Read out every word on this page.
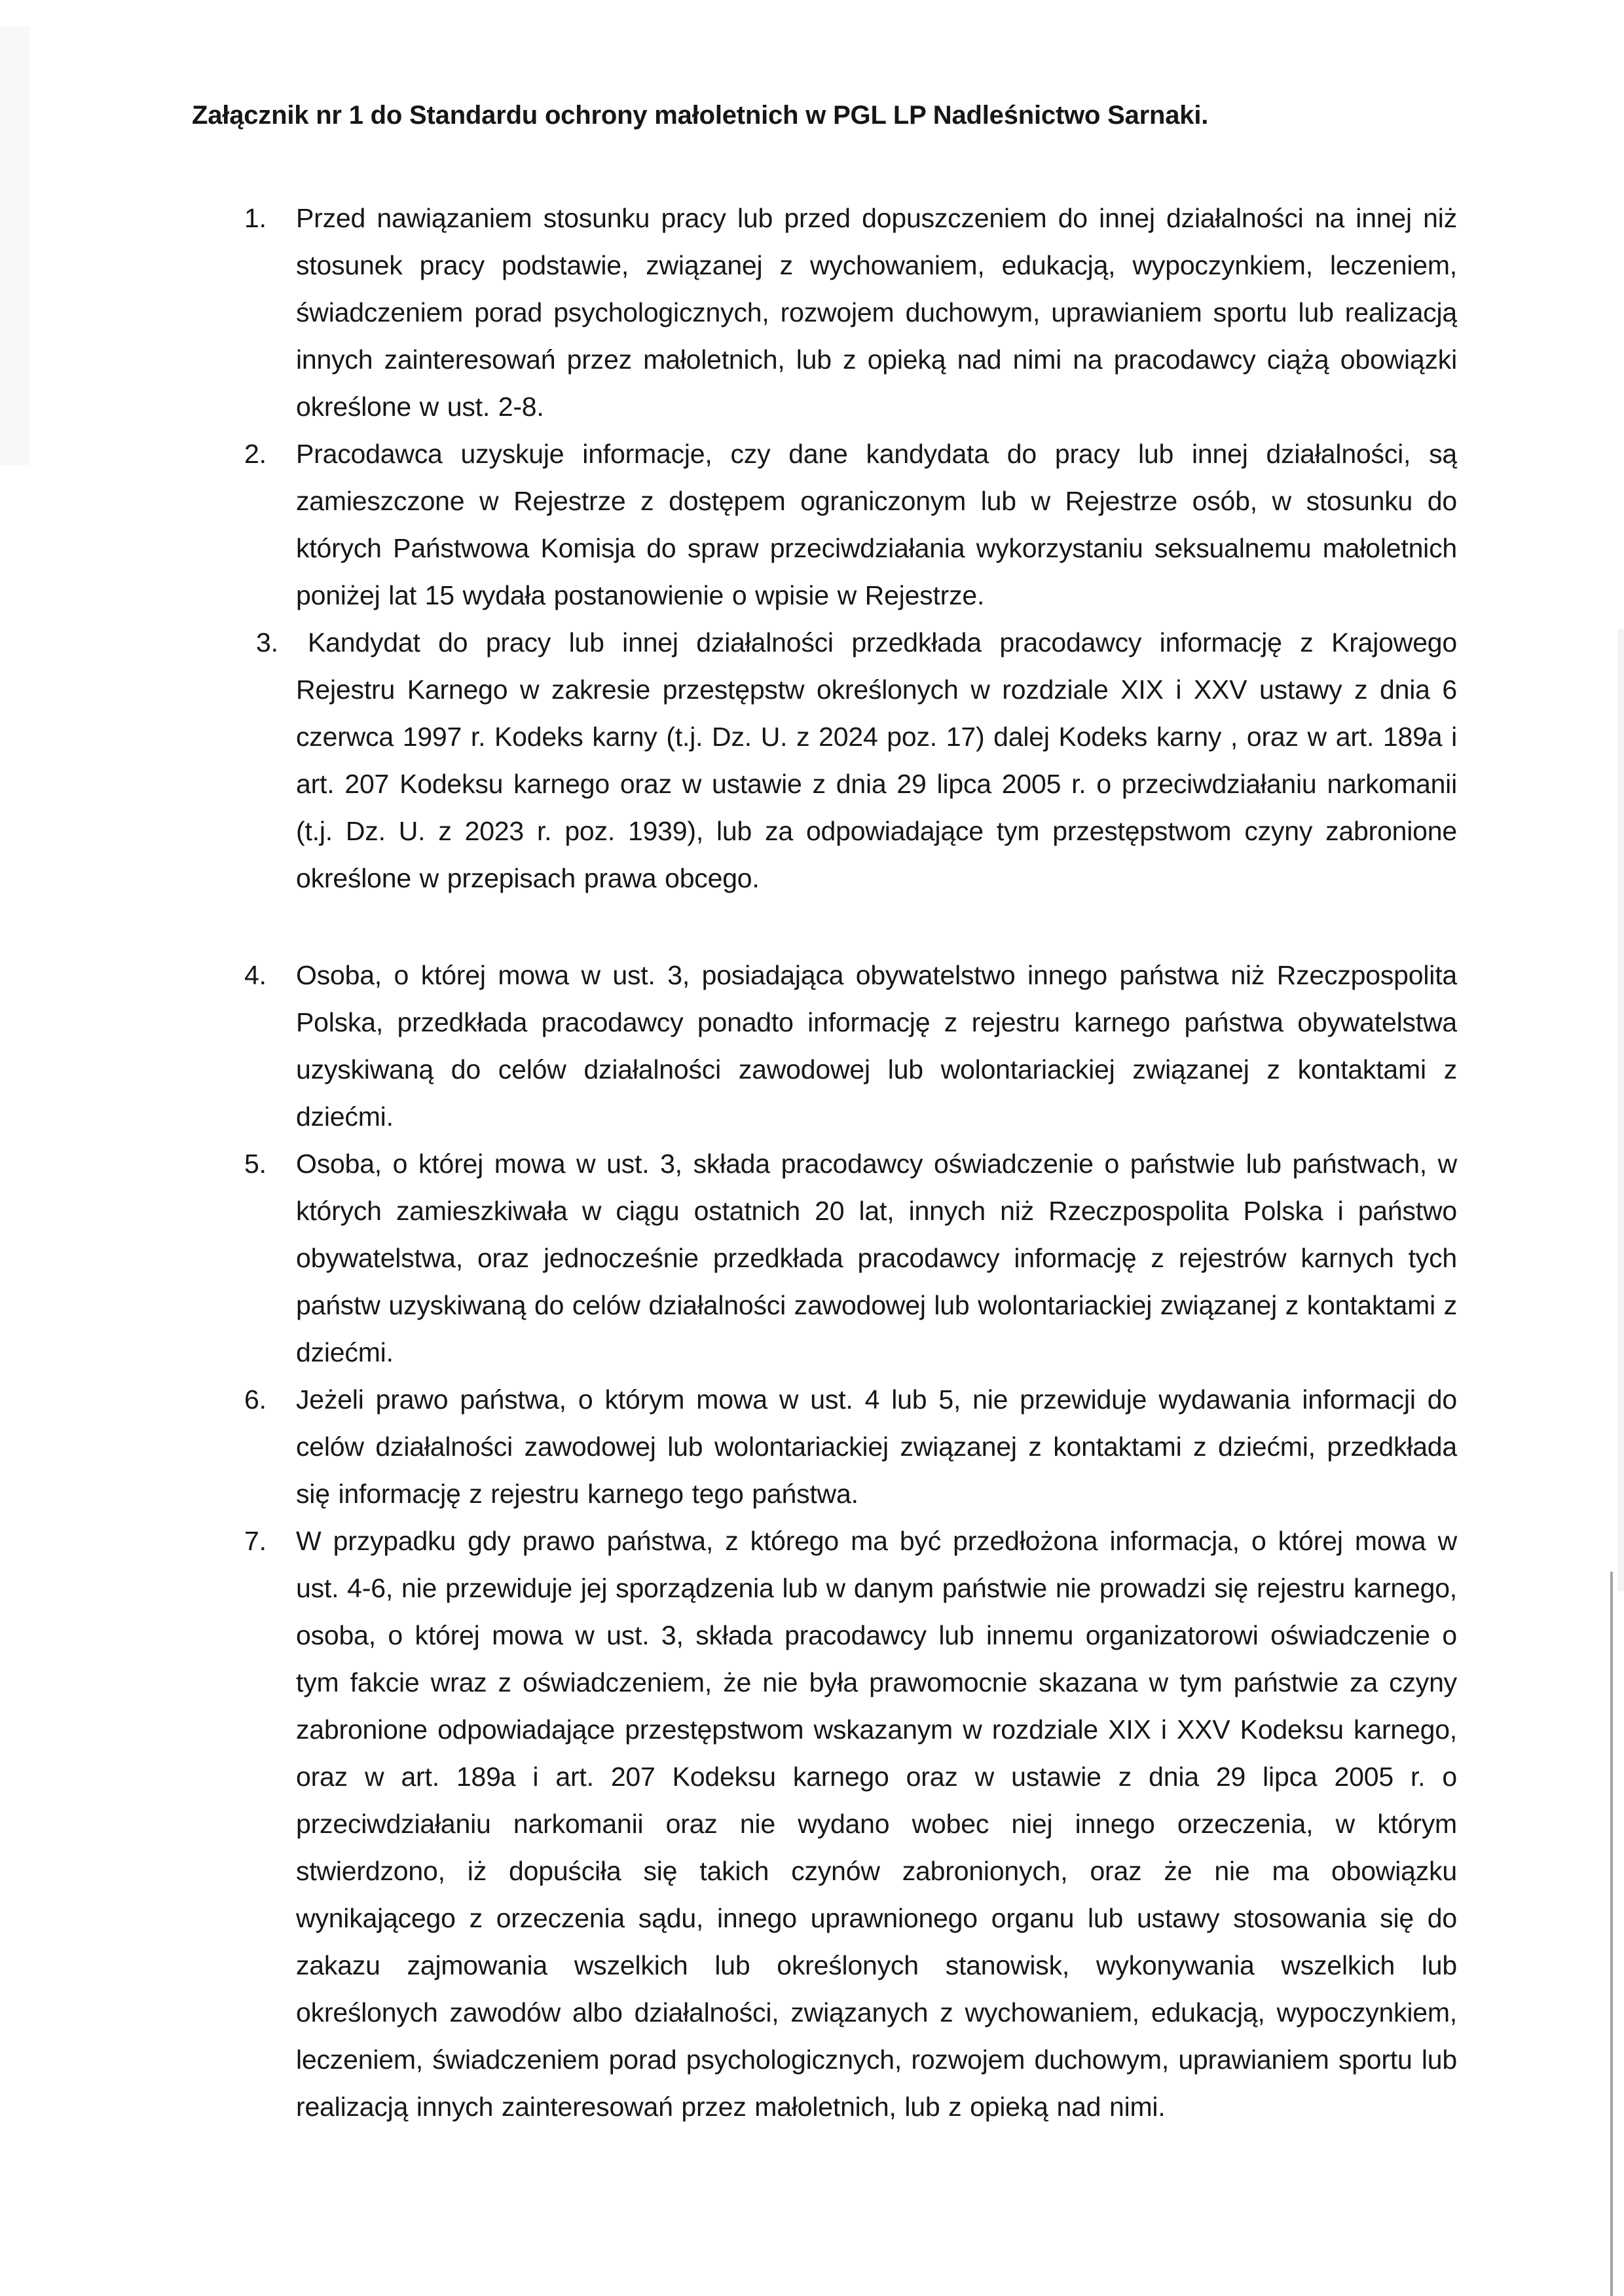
Załącznik nr 1 do Standardu ochrony małoletnich w PGL LP Nadleśnictwo Sarnaki.
1. Przed nawiązaniem stosunku pracy lub przed dopuszczeniem do innej działalności na innej niż stosunek pracy podstawie, związanej z wychowaniem, edukacją, wypoczynkiem, leczeniem, świadczeniem porad psychologicznych, rozwojem duchowym, uprawianiem sportu lub realizacją innych zainteresowań przez małoletnich, lub z opieką nad nimi na pracodawcy ciążą obowiązki określone w ust. 2-8.
2. Pracodawca uzyskuje informacje, czy dane kandydata do pracy lub innej działalności, są zamieszczone w Rejestrze z dostępem ograniczonym lub w Rejestrze osób, w stosunku do których Państwowa Komisja do spraw przeciwdziałania wykorzystaniu seksualnemu małoletnich poniżej lat 15 wydała postanowienie o wpisie w Rejestrze.
3. Kandydat do pracy lub innej działalności przedkłada pracodawcy informację z Krajowego Rejestru Karnego w zakresie przestępstw określonych w rozdziale XIX i XXV ustawy z dnia 6 czerwca 1997 r. Kodeks karny (t.j. Dz. U. z 2024 poz. 17) dalej Kodeks karny , oraz w art. 189a i art. 207 Kodeksu karnego oraz w ustawie z dnia 29 lipca 2005 r. o przeciwdziałaniu narkomanii (t.j. Dz. U. z 2023 r. poz. 1939), lub za odpowiadające tym przestępstwom czyny zabronione określone w przepisach prawa obcego.
4. Osoba, o której mowa w ust. 3, posiadająca obywatelstwo innego państwa niż Rzeczpospolita Polska, przedkłada pracodawcy ponadto informację z rejestru karnego państwa obywatelstwa uzyskiwaną do celów działalności zawodowej lub wolontariackiej związanej z kontaktami z dziećmi.
5. Osoba, o której mowa w ust. 3, składa pracodawcy oświadczenie o państwie lub państwach, w których zamieszkiwała w ciągu ostatnich 20 lat, innych niż Rzeczpospolita Polska i państwo obywatelstwa, oraz jednocześnie przedkłada pracodawcy informację z rejestrów karnych tych państw uzyskiwaną do celów działalności zawodowej lub wolontariackiej związanej z kontaktami z dziećmi.
6. Jeżeli prawo państwa, o którym mowa w ust. 4 lub 5, nie przewiduje wydawania informacji do celów działalności zawodowej lub wolontariackiej związanej z kontaktami z dziećmi, przedkłada się informację z rejestru karnego tego państwa.
7. W przypadku gdy prawo państwa, z którego ma być przedłożona informacja, o której mowa w ust. 4-6, nie przewiduje jej sporządzenia lub w danym państwie nie prowadzi się rejestru karnego, osoba, o której mowa w ust. 3, składa pracodawcy lub innemu organizatorowi oświadczenie o tym fakcie wraz z oświadczeniem, że nie była prawomocnie skazana w tym państwie za czyny zabronione odpowiadające przestępstwom wskazanym w rozdziale XIX i XXV Kodeksu karnego, oraz w art. 189a i art. 207 Kodeksu karnego oraz w ustawie z dnia 29 lipca 2005 r. o przeciwdziałaniu narkomanii oraz nie wydano wobec niej innego orzeczenia, w którym stwierdzono, iż dopuściła się takich czynów zabronionych, oraz że nie ma obowiązku wynikającego z orzeczenia sądu, innego uprawnionego organu lub ustawy stosowania się do zakazu zajmowania wszelkich lub określonych stanowisk, wykonywania wszelkich lub określonych zawodów albo działalności, związanych z wychowaniem, edukacją, wypoczynkiem, leczeniem, świadczeniem porad psychologicznych, rozwojem duchowym, uprawianiem sportu lub realizacją innych zainteresowań przez małoletnich, lub z opieką nad nimi.
